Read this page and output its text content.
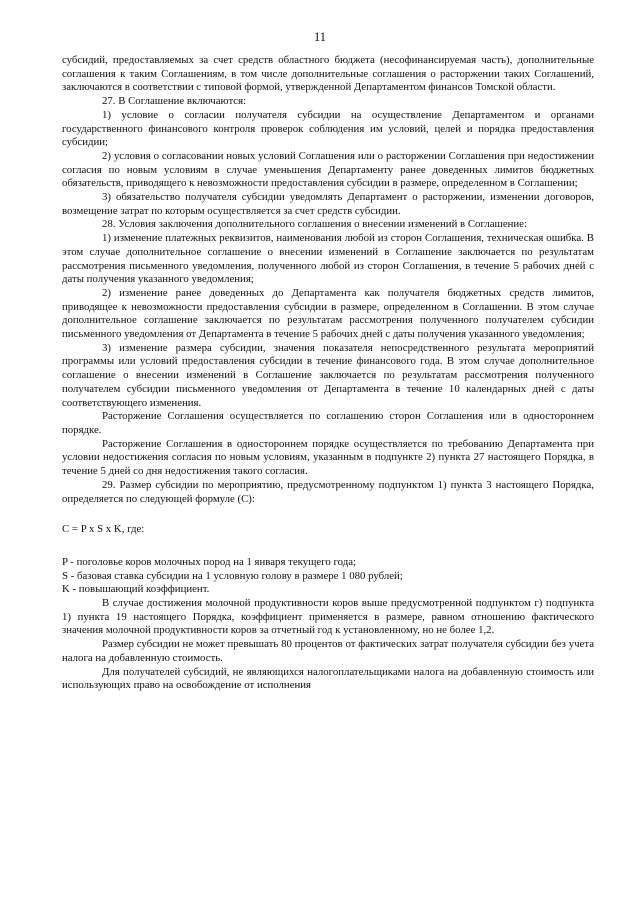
11

субсидий, предоставляемых за счет средств областного бюджета (несофинансируемая часть), дополнительные соглашения к таким Соглашениям, в том числе дополнительные соглашения о расторжении таких Соглашений, заключаются в соответствии с типовой формой, утвержденной Департаментом финансов Томской области.

27. В Соглашение включаются:

1) условие о согласии получателя субсидии на осуществление Департаментом и органами государственного финансового контроля проверок соблюдения им условий, целей и порядка предоставления субсидии;

2) условия о согласовании новых условий Соглашения или о расторжении Соглашения при недостижении согласия по новым условиям в случае уменьшения Департаменту ранее доведенных лимитов бюджетных обязательств, приводящего к невозможности предоставления субсидии в размере, определенном в Соглашении;

3) обязательство получателя субсидии уведомлять Департамент о расторжении, изменении договоров, возмещение затрат по которым осуществляется за счет средств субсидии.

28. Условия заключения дополнительного соглашения о внесении изменений в Соглашение:

1) изменение платежных реквизитов, наименования любой из сторон Соглашения, техническая ошибка. В этом случае дополнительное соглашение о внесении изменений в Соглашение заключается по результатам рассмотрения письменного уведомления, полученного любой из сторон Соглашения, в течение 5 рабочих дней с даты получения указанного уведомления;

2) изменение ранее доведенных до Департамента как получателя бюджетных средств лимитов, приводящее к невозможности предоставления субсидии в размере, определенном в Соглашении. В этом случае дополнительное соглашение заключается по результатам рассмотрения полученного получателем субсидии письменного уведомления от Департамента в течение 5 рабочих дней с даты получения указанного уведомления;

3) изменение размера субсидии, значения показателя непосредственного результата мероприятий программы или условий предоставления субсидии в течение финансового года. В этом случае дополнительное соглашение о внесении изменений в Соглашение заключается по результатам рассмотрения полученного получателем субсидии письменного уведомления от Департамента в течение 10 календарных дней с даты соответствующего изменения.

Расторжение Соглашения осуществляется по соглашению сторон Соглашения или в одностороннем порядке.

Расторжение Соглашения в одностороннем порядке осуществляется по требованию Департамента при условии недостижения согласия по новым условиям, указанным в подпункте 2) пункта 27 настоящего Порядка, в течение 5 дней со дня недостижения такого согласия.

29. Размер субсидии по мероприятию, предусмотренному подпунктом 1) пункта 3 настоящего Порядка, определяется по следующей формуле (С):

С = P x S x K, где:

P - поголовье коров молочных пород на 1 января текущего года;

S - базовая ставка субсидии на 1 условную голову в размере 1 080 рублей;

K - повышающий коэффициент.

В случае достижения молочной продуктивности коров выше предусмотренной подпунктом г) подпункта 1) пункта 19 настоящего Порядка, коэффициент применяется в размере, равном отношению фактического значения молочной продуктивности коров за отчетный год к установленному, но не более 1,2.

Размер субсидии не может превышать 80 процентов от фактических затрат получателя субсидии без учета налога на добавленную стоимость.

Для получателей субсидий, не являющихся налогоплательщиками налога на добавленную стоимость или использующих право на освобождение от исполнения
